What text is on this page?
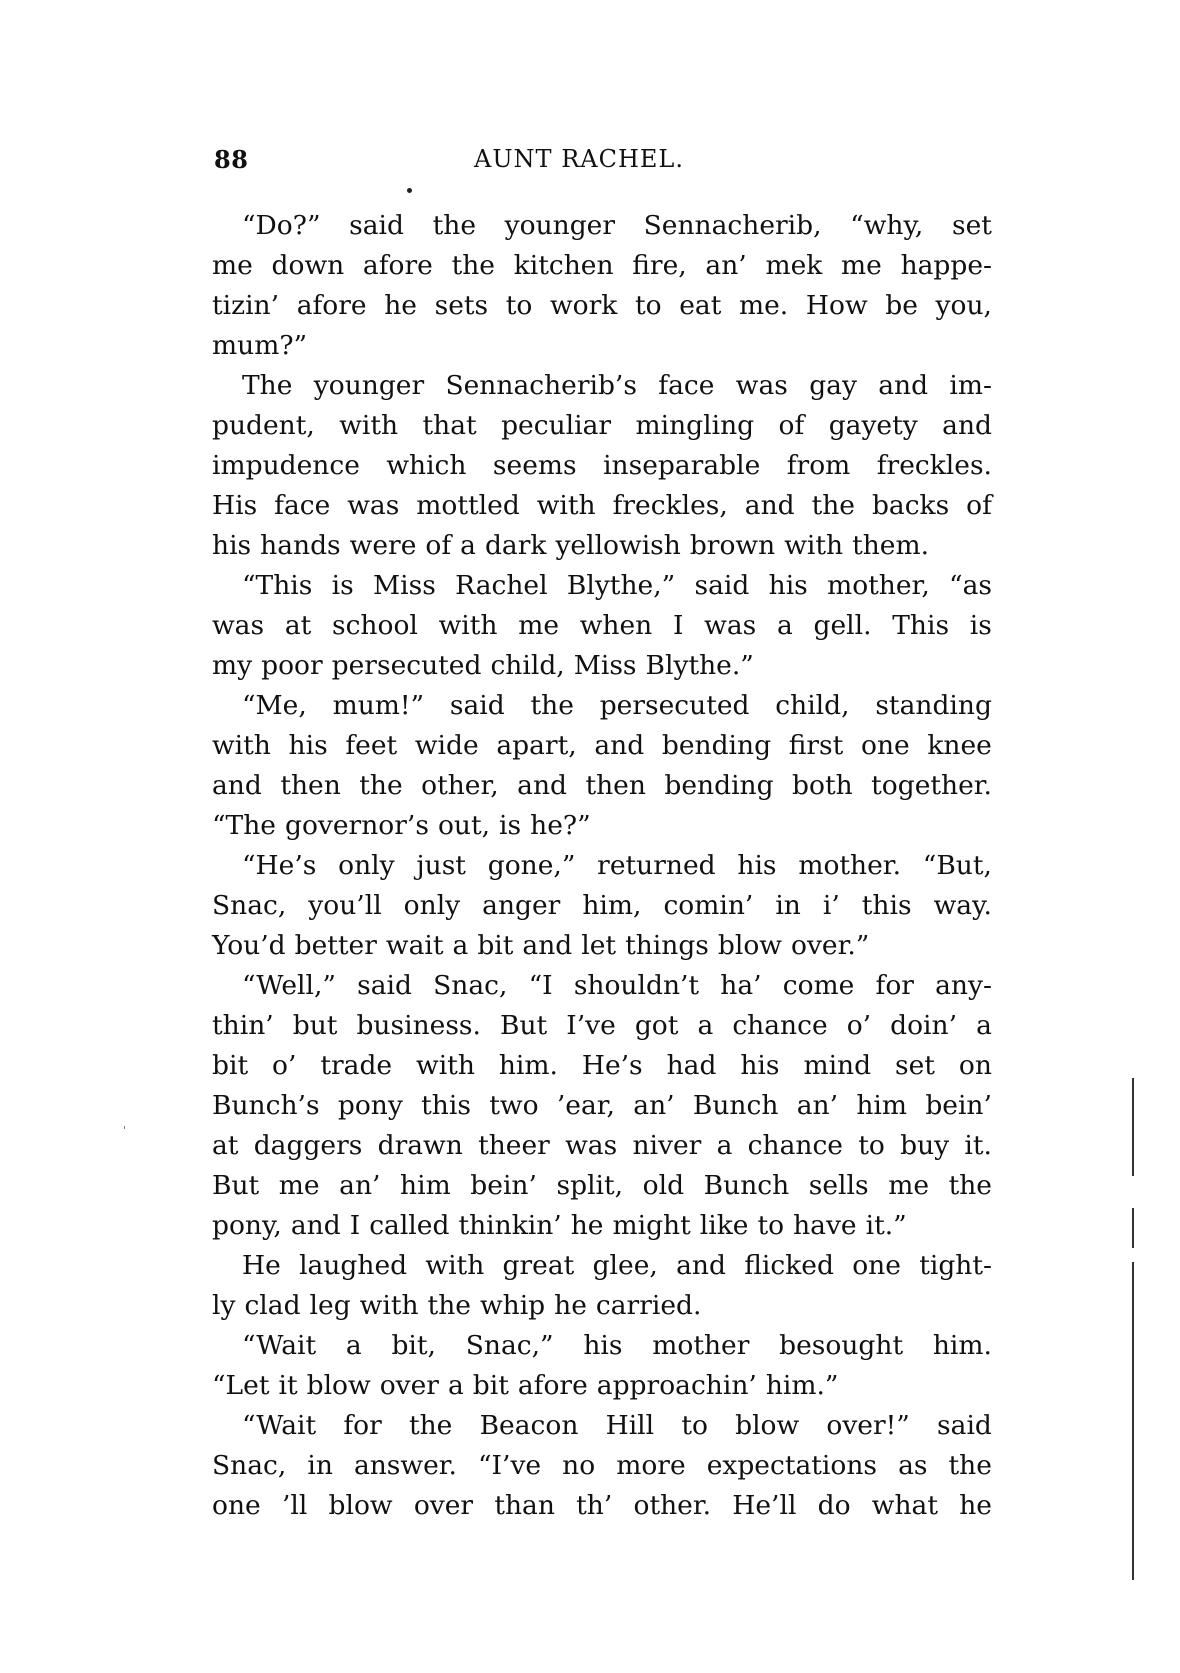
88	AUNT RACHEL.
“Do?” said the younger Sennacherib, “why, set
me down afore the kitchen fire, an’ mek me happe-
tizin’ afore he sets to work to eat me. How be you,
mum?”
The younger Sennacherib’s face was gay and im-
pudent, with that peculiar mingling of gayety and
impudence which seems inseparable from freckles.
His face was mottled with freckles, and the backs of
his hands were of a dark yellowish brown with them.
“This is Miss Rachel Blythe,” said his mother, “as
was at school with me when I was a gell. This is
my poor persecuted child, Miss Blythe.”
“Me, mum!” said the persecuted child, standing
with his feet wide apart, and bending first one knee
and then the other, and then bending both together.
“The governor’s out, is he?”
“He’s only just gone,” returned his mother. “But,
Snac, you’ll only anger him, comin’ in i’ this way.
You’d better wait a bit and let things blow over.”
“Well,” said Snac, “I shouldn’t ha’ come for any-
thin’ but business. But I’ve got a chance o’ doin’ a
bit o’ trade with him. He’s had his mind set on
Bunch’s pony this two ’ear, an’ Bunch an’ him bein’
at daggers drawn theer was niver a chance to buy it.
But me an’ him bein’ split, old Bunch sells me the
pony, and I called thinkin’ he might like to have it.”
He laughed with great glee, and flicked one tight-
ly clad leg with the whip he carried.
“Wait a bit, Snac,” his mother besought him.
“Let it blow over a bit afore approachin’ him.”
“Wait for the Beacon Hill to blow over!” said
Snac, in answer. “I’ve no more expectations as the
one ’ll blow over than th’ other. He’ll do what he
